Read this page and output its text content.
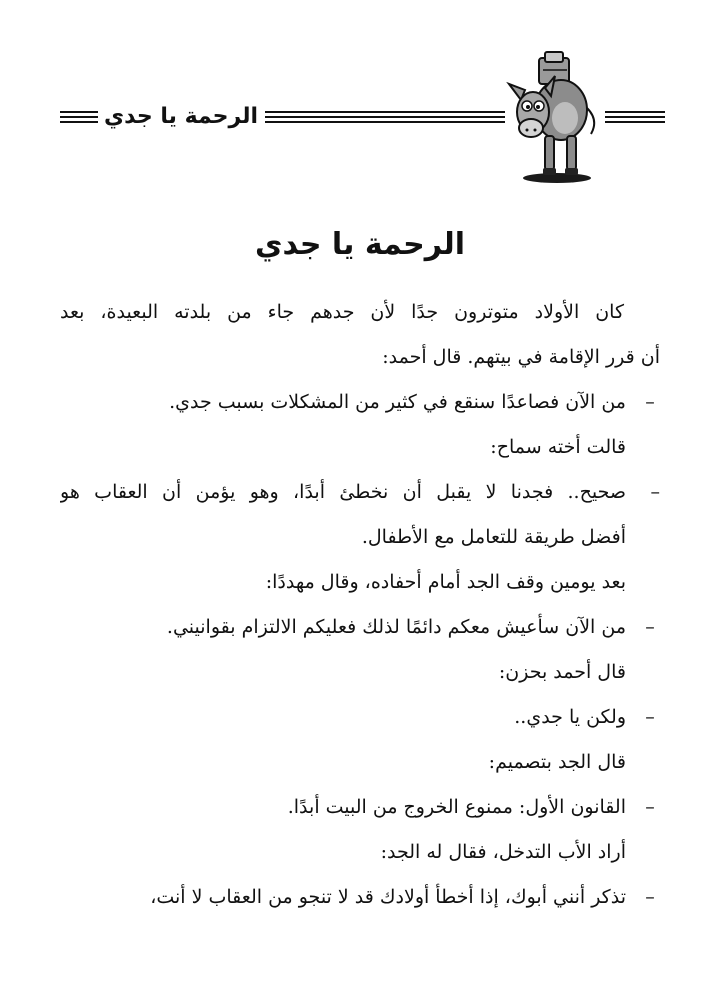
الرحمة يا جدي
الرحمة يا جدي
كان الأولاد متوترون جدًا لأن جدهم جاء من بلدته البعيدة، بعد
أن قرر الإقامة في بيتهم. قال أحمد:
–
من الآن فصاعدًا سنقع في كثير من المشكلات بسبب جدي.
قالت أخته سماح:
–
صحيح.. فجدنا لا يقبل أن نخطئ أبدًا، وهو يؤمن أن العقاب هو
أفضل طريقة للتعامل مع الأطفال.
بعد يومين وقف الجد أمام أحفاده، وقال مهددًا:
–
من الآن سأعيش معكم دائمًا لذلك فعليكم الالتزام بقوانيني.
قال أحمد بحزن:
–
ولكن يا جدي..
قال الجد بتصميم:
–
القانون الأول: ممنوع الخروج من البيت أبدًا.
أراد الأب التدخل، فقال له الجد:
–
تذكر أنني أبوك، إذا أخطأ أولادك قد لا تنجو من العقاب لا أنت،
